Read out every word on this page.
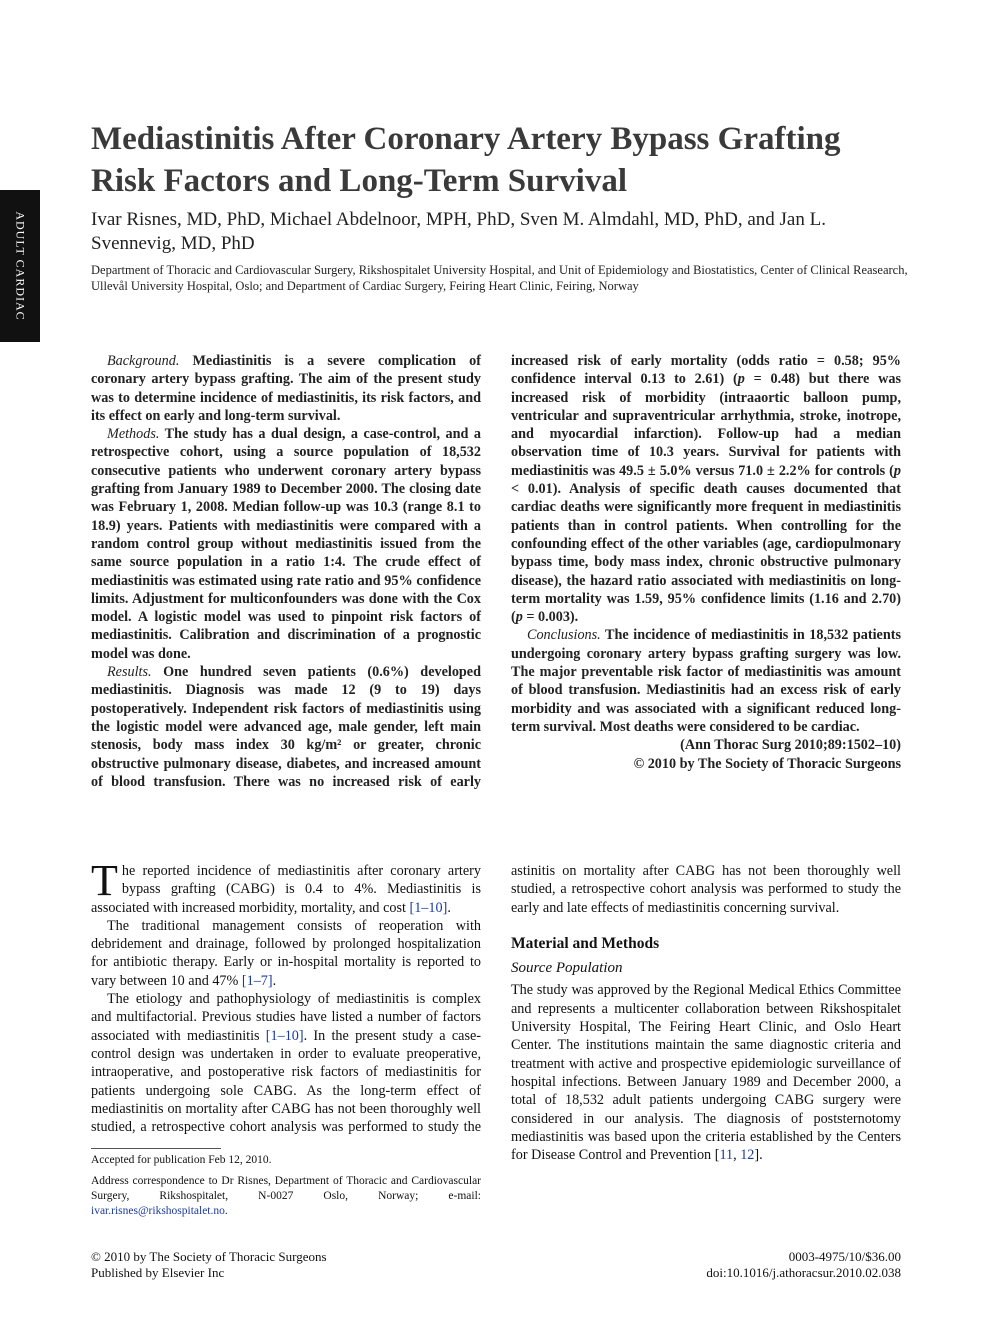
ADULT CARDIAC
Mediastinitis After Coronary Artery Bypass Grafting Risk Factors and Long-Term Survival
Ivar Risnes, MD, PhD, Michael Abdelnoor, MPH, PhD, Sven M. Almdahl, MD, PhD, and Jan L. Svennevig, MD, PhD
Department of Thoracic and Cardiovascular Surgery, Rikshospitalet University Hospital, and Unit of Epidemiology and Biostatistics, Center of Clinical Reasearch, Ullevål University Hospital, Oslo; and Department of Cardiac Surgery, Feiring Heart Clinic, Feiring, Norway

Background. Mediastinitis is a severe complication of coronary artery bypass grafting. The aim of the present study was to determine incidence of mediastinitis, its risk factors, and its effect on early and long-term survival.

Methods. The study has a dual design, a case-control, and a retrospective cohort, using a source population of 18,532 consecutive patients who underwent coronary artery bypass grafting from January 1989 to December 2000. The closing date was February 1, 2008. Median follow-up was 10.3 (range 8.1 to 18.9) years. Patients with mediastinitis were compared with a random control group without mediastinitis issued from the same source population in a ratio 1:4. The crude effect of mediastinitis was estimated using rate ratio and 95% confidence limits. Adjustment for multiconfounders was done with the Cox model. A logistic model was used to pinpoint risk factors of mediastinitis. Calibration and discrimination of a prognostic model was done.

Results. One hundred seven patients (0.6%) developed mediastinitis. Diagnosis was made 12 (9 to 19) days postoperatively. Independent risk factors of mediastinitis using the logistic model were advanced age, male gender, left main stenosis, body mass index 30 kg/m² or greater, chronic obstructive pulmonary disease, diabetes, and increased amount of blood transfusion. There was no increased risk of early

increased risk of early mortality (odds ratio = 0.58; 95% confidence interval 0.13 to 2.61) (p = 0.48) but there was increased risk of morbidity (intraaortic balloon pump, ventricular and supraventricular arrhythmia, stroke, inotrope, and myocardial infarction). Follow-up had a median observation time of 10.3 years. Survival for patients with mediastinitis was 49.5 ± 5.0% versus 71.0 ± 2.2% for controls (p < 0.01). Analysis of specific death causes documented that cardiac deaths were significantly more frequent in mediastinitis patients than in control patients. When controlling for the confounding effect of the other variables (age, cardiopulmonary bypass time, body mass index, chronic obstructive pulmonary disease), the hazard ratio associated with mediastinitis on long-term mortality was 1.59, 95% confidence limits (1.16 and 2.70) (p = 0.003).

Conclusions. The incidence of mediastinitis in 18,532 patients undergoing coronary artery bypass grafting surgery was low. The major preventable risk factor of mediastinitis was amount of blood transfusion. Mediastinitis had an excess risk of early morbidity and was associated with a significant reduced long-term survival. Most deaths were considered to be cardiac.

(Ann Thorac Surg 2010;89:1502–10)

© 2010 by The Society of Thoracic Surgeons

The reported incidence of mediastinitis after coronary artery bypass grafting (CABG) is 0.4 to 4%. Mediastinitis is associated with increased morbidity, mortality, and cost [1–10].

The traditional management consists of reoperation with debridement and drainage, followed by prolonged hospitalization for antibiotic therapy. Early or in-hospital mortality is reported to vary between 10 and 47% [1–7].

The etiology and pathophysiology of mediastinitis is complex and multifactorial. Previous studies have listed a number of factors associated with mediastinitis [1–10]. In the present study a case-control design was undertaken in order to evaluate preoperative, intraoperative, and postoperative risk factors of mediastinitis for patients undergoing sole CABG. As the long-term effect of mediastinitis on mortality after CABG has not been thoroughly well studied, a retrospective cohort analysis was performed to study the

astinitis on mortality after CABG has not been thoroughly well studied, a retrospective cohort analysis was performed to study the early and late effects of mediastinitis concerning survival.

Material and Methods
Source Population

The study was approved by the Regional Medical Ethics Committee and represents a multicenter collaboration between Rikshospitalet University Hospital, The Feiring Heart Clinic, and Oslo Heart Center. The institutions maintain the same diagnostic criteria and treatment with active and prospective epidemiologic surveillance of hospital infections. Between January 1989 and December 2000, a total of 18,532 adult patients undergoing CABG surgery were considered in our analysis. The diagnosis of poststernotomy mediastinitis was based upon the criteria established by the Centers for Disease Control and Prevention [11, 12].

Accepted for publication Feb 12, 2010.

Address correspondence to Dr Risnes, Department of Thoracic and Cardiovascular Surgery, Rikshospitalet, N-0027 Oslo, Norway; e-mail: ivar.risnes@rikshospitalet.no.

© 2010 by The Society of Thoracic Surgeons
Published by Elsevier Inc
0003-4975/10/$36.00
doi:10.1016/j.athoracsur.2010.02.038
